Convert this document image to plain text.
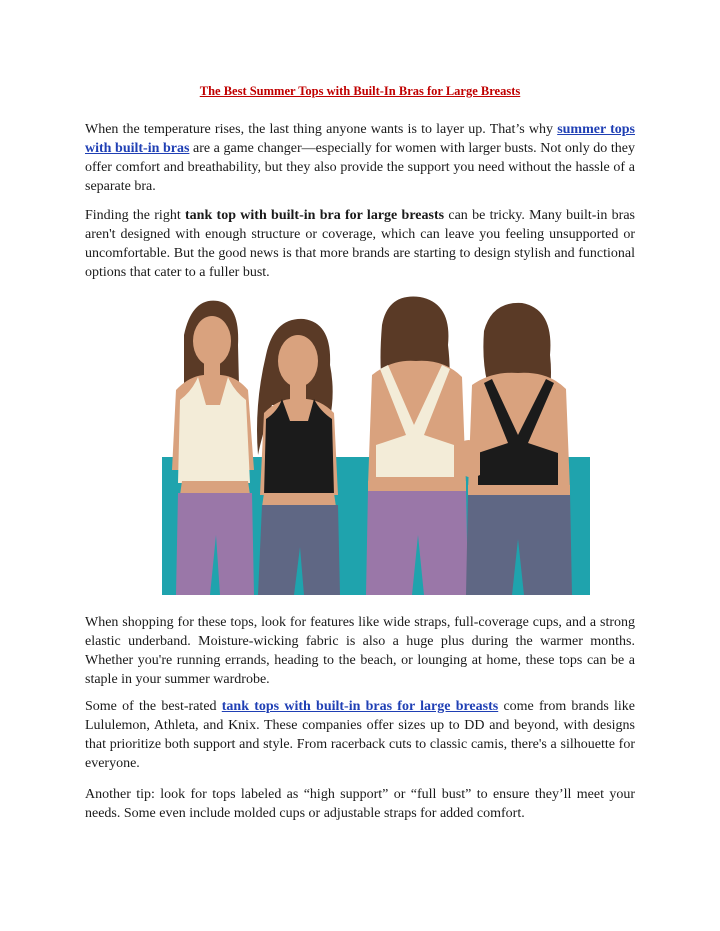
The Best Summer Tops with Built-In Bras for Large Breasts

When the temperature rises, the last thing anyone wants is to layer up. That’s why summer tops with built-in bras are a game changer—especially for women with larger busts. Not only do they offer comfort and breathability, but they also provide the support you need without the hassle of a separate bra.

Finding the right tank top with built-in bra for large breasts can be tricky. Many built-in bras aren't designed with enough structure or coverage, which can leave you feeling unsupported or uncomfortable. But the good news is that more brands are starting to design stylish and functional options that cater to a fuller bust.

When shopping for these tops, look for features like wide straps, full-coverage cups, and a strong elastic underband. Moisture-wicking fabric is also a huge plus during the warmer months. Whether you're running errands, heading to the beach, or lounging at home, these tops can be a staple in your summer wardrobe.

Some of the best-rated tank tops with built-in bras for large breasts come from brands like Lululemon, Athleta, and Knix. These companies offer sizes up to DD and beyond, with designs that prioritize both support and style. From racerback cuts to classic camis, there's a silhouette for everyone.

Another tip: look for tops labeled as “high support” or “full bust” to ensure they’ll meet your needs. Some even include molded cups or adjustable straps for added comfort.
